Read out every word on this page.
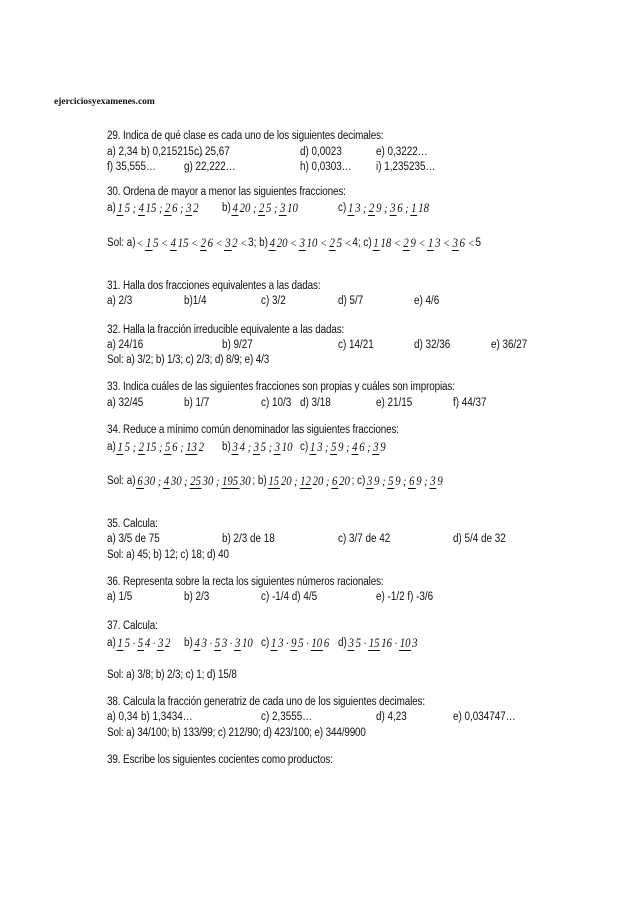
ejerciciosyexamenes.com
29. Indica de qué clase es cada uno de los siguientes decimales:
a) 2,34 b) 0,215215…
c) 25,67	d) 0,0023	e) 0,3222…
f) 35,555… g) 22,222…	h) 0,0303… i) 1,235235…
30. Ordena de mayor a menor las siguientes fracciones:
a) 1 5 ; 4 15 ; 2 6 ; 3 2 b) 4 20 ; 2 5 ; 3 10	c) 1 3 ; 2 9 ; 3 6 ; 1 18
Sol: a)< 1 5 < 4 15 < 2 6 < 3 2 <3; b) 4 20 < 3 10 < 2 5 <4; c) 1 18 < 2 9 < 1 3 < 3 6 <5
31. Halla dos fracciones equivalentes a las dadas:
a) 2/3	b)1/4	c) 3/2	d) 5/7	e) 4/6
32. Halla la fracción irreducible equivalente a las dadas:
a) 24/16	b) 9/27	c) 14/21	d) 32/36	e) 36/27
Sol: a) 3/2; b) 1/3; c) 2/3; d) 8/9; e) 4/3
33. Indica cuáles de las siguientes fracciones son propias y cuáles son impropias:
a) 32/45	b) 1/7	c) 10/3 d) 3/18	e) 21/15	f) 44/37
34. Reduce a mínimo común denominador las siguientes fracciones:
a) 1 5 ; 2 15 ; 5 6 ; 13 2 b) 3 4 ; 3 5 ; 3 10 c) 1 3 ; 5 9 ; 4 6 ; 3 9
Sol: a) 6 30 ; 4 30 ; 25 30 ; 195 30 ; b) 15 20 ; 12 20 ; 6 20 ; c) 3 9 ; 5 9 ; 6 9 ; 3 9
35. Calcula:
a) 3/5 de 75	b) 2/3 de 18	c) 3/7 de 42	d) 5/4 de 32
Sol: a) 45; b) 12; c) 18; d) 40
36. Representa sobre la recta los siguientes números racionales:
a) 1/5	b) 2/3	c) -1/4 d) 4/5	e) -1/2 f) -3/6
37. Calcula:
a) 1 5 · 5 4 · 3 2 b) 4 3 · 5 3 · 3 10 c) 1 3 · 9 5 · 10 6 d) 3 5 · 15 16 · 10 3
Sol: a) 3/8; b) 2/3; c) 1; d) 15/8
38. Calcula la fracción generatriz de cada uno de los siguientes decimales:
a) 0,34 b) 1,3434…	c) 2,3555…	d) 4,23	e) 0,034747…
Sol: a) 34/100; b) 133/99; c) 212/90; d) 423/100; e) 344/9900
39. Escribe los siguientes cocientes como productos:
